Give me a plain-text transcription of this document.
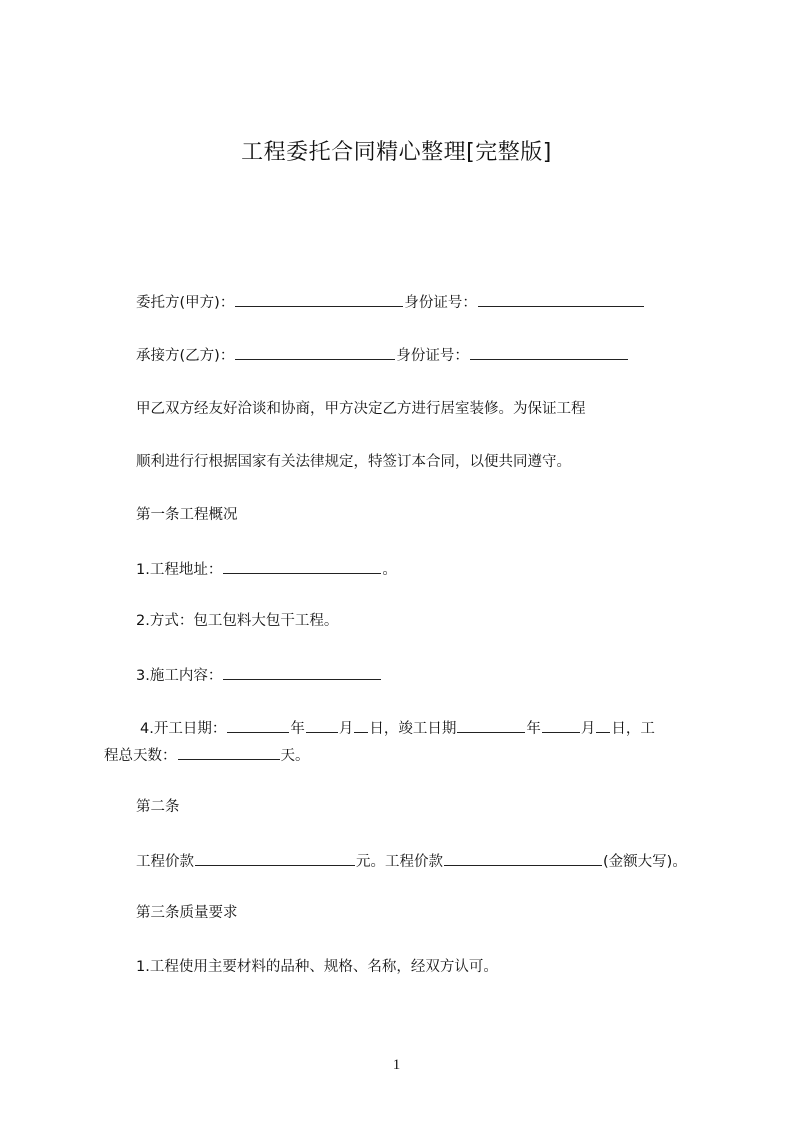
工程委托合同精心整理[完整版]
委托方(甲方)：	身份证号：
承接方(乙方)：	身份证号：
甲乙双方经友好洽谈和协商，甲方决定乙方进行居室装修。为保证工程
顺利进行行根据国家有关法律规定，特签订本合同，以便共同遵守。
第一条工程概况
1.工程地址：	。
2.方式：包工包料大包干工程。
3.施工内容：
4.开工日期：	年 月 日，竣工日期	年	月 日，工
程总天数：	天。
第二条
工程价款	元。工程价款	(金额大写)。
第三条质量要求
1.工程使用主要材料的品种、规格、名称，经双方认可。
1
